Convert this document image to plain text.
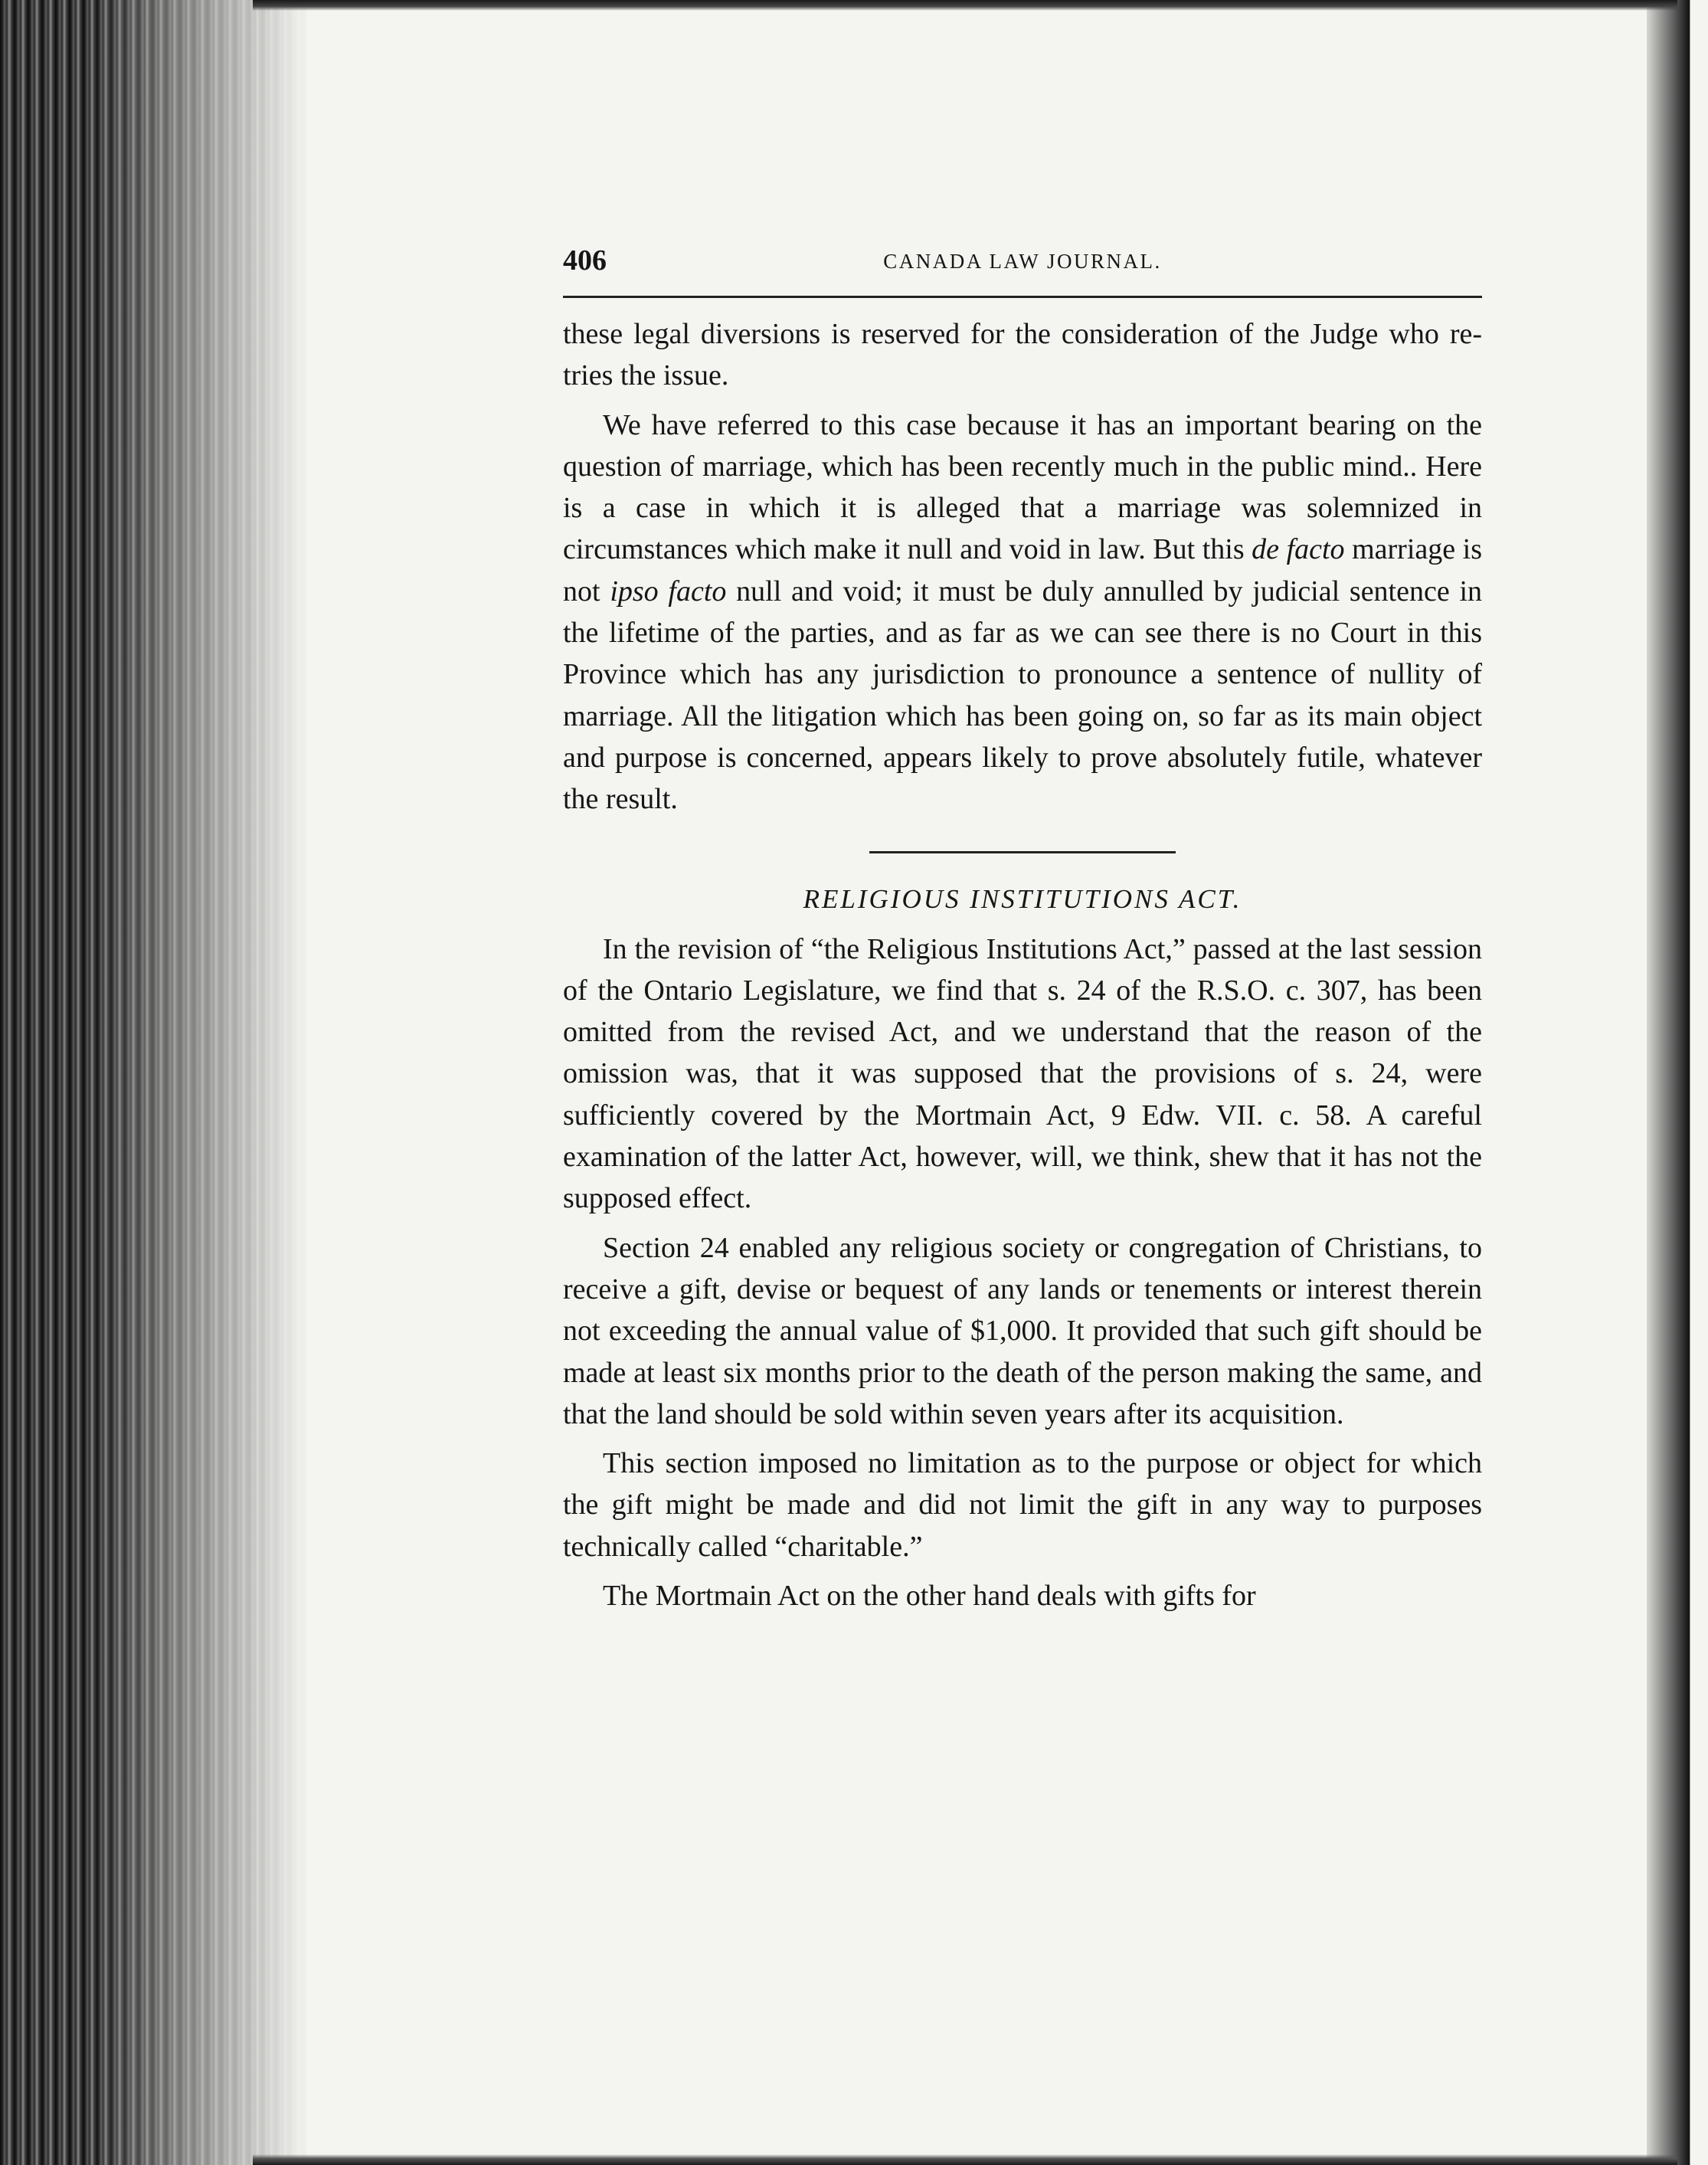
406	CANADA LAW JOURNAL.

these legal diversions is reserved for the consideration of the Judge who re-tries the issue.

We have referred to this case because it has an important bearing on the question of marriage, which has been recently much in the public mind.. Here is a case in which it is alleged that a marriage was solemnized in circumstances which make it null and void in law. But this de facto marriage is not ipso facto null and void; it must be duly annulled by judicial sentence in the lifetime of the parties, and as far as we can see there is no Court in this Province which has any jurisdiction to pronounce a sentence of nullity of marriage. All the litigation which has been going on, so far as its main object and purpose is concerned, appears likely to prove absolutely futile, whatever the result.

RELIGIOUS INSTITUTIONS ACT.

In the revision of “the Religious Institutions Act,” passed at the last session of the Ontario Legislature, we find that s. 24 of the R.S.O. c. 307, has been omitted from the revised Act, and we understand that the reason of the omission was, that it was supposed that the provisions of s. 24, were sufficiently covered by the Mortmain Act, 9 Edw. VII. c. 58. A careful examination of the latter Act, however, will, we think, shew that it has not the supposed effect.

Section 24 enabled any religious society or congregation of Christians, to receive a gift, devise or bequest of any lands or tenements or interest therein not exceeding the annual value of $1,000. It provided that such gift should be made at least six months prior to the death of the person making the same, and that the land should be sold within seven years after its acquisition.

This section imposed no limitation as to the purpose or object for which the gift might be made and did not limit the gift in any way to purposes technically called “charitable.”

The Mortmain Act on the other hand deals with gifts for
